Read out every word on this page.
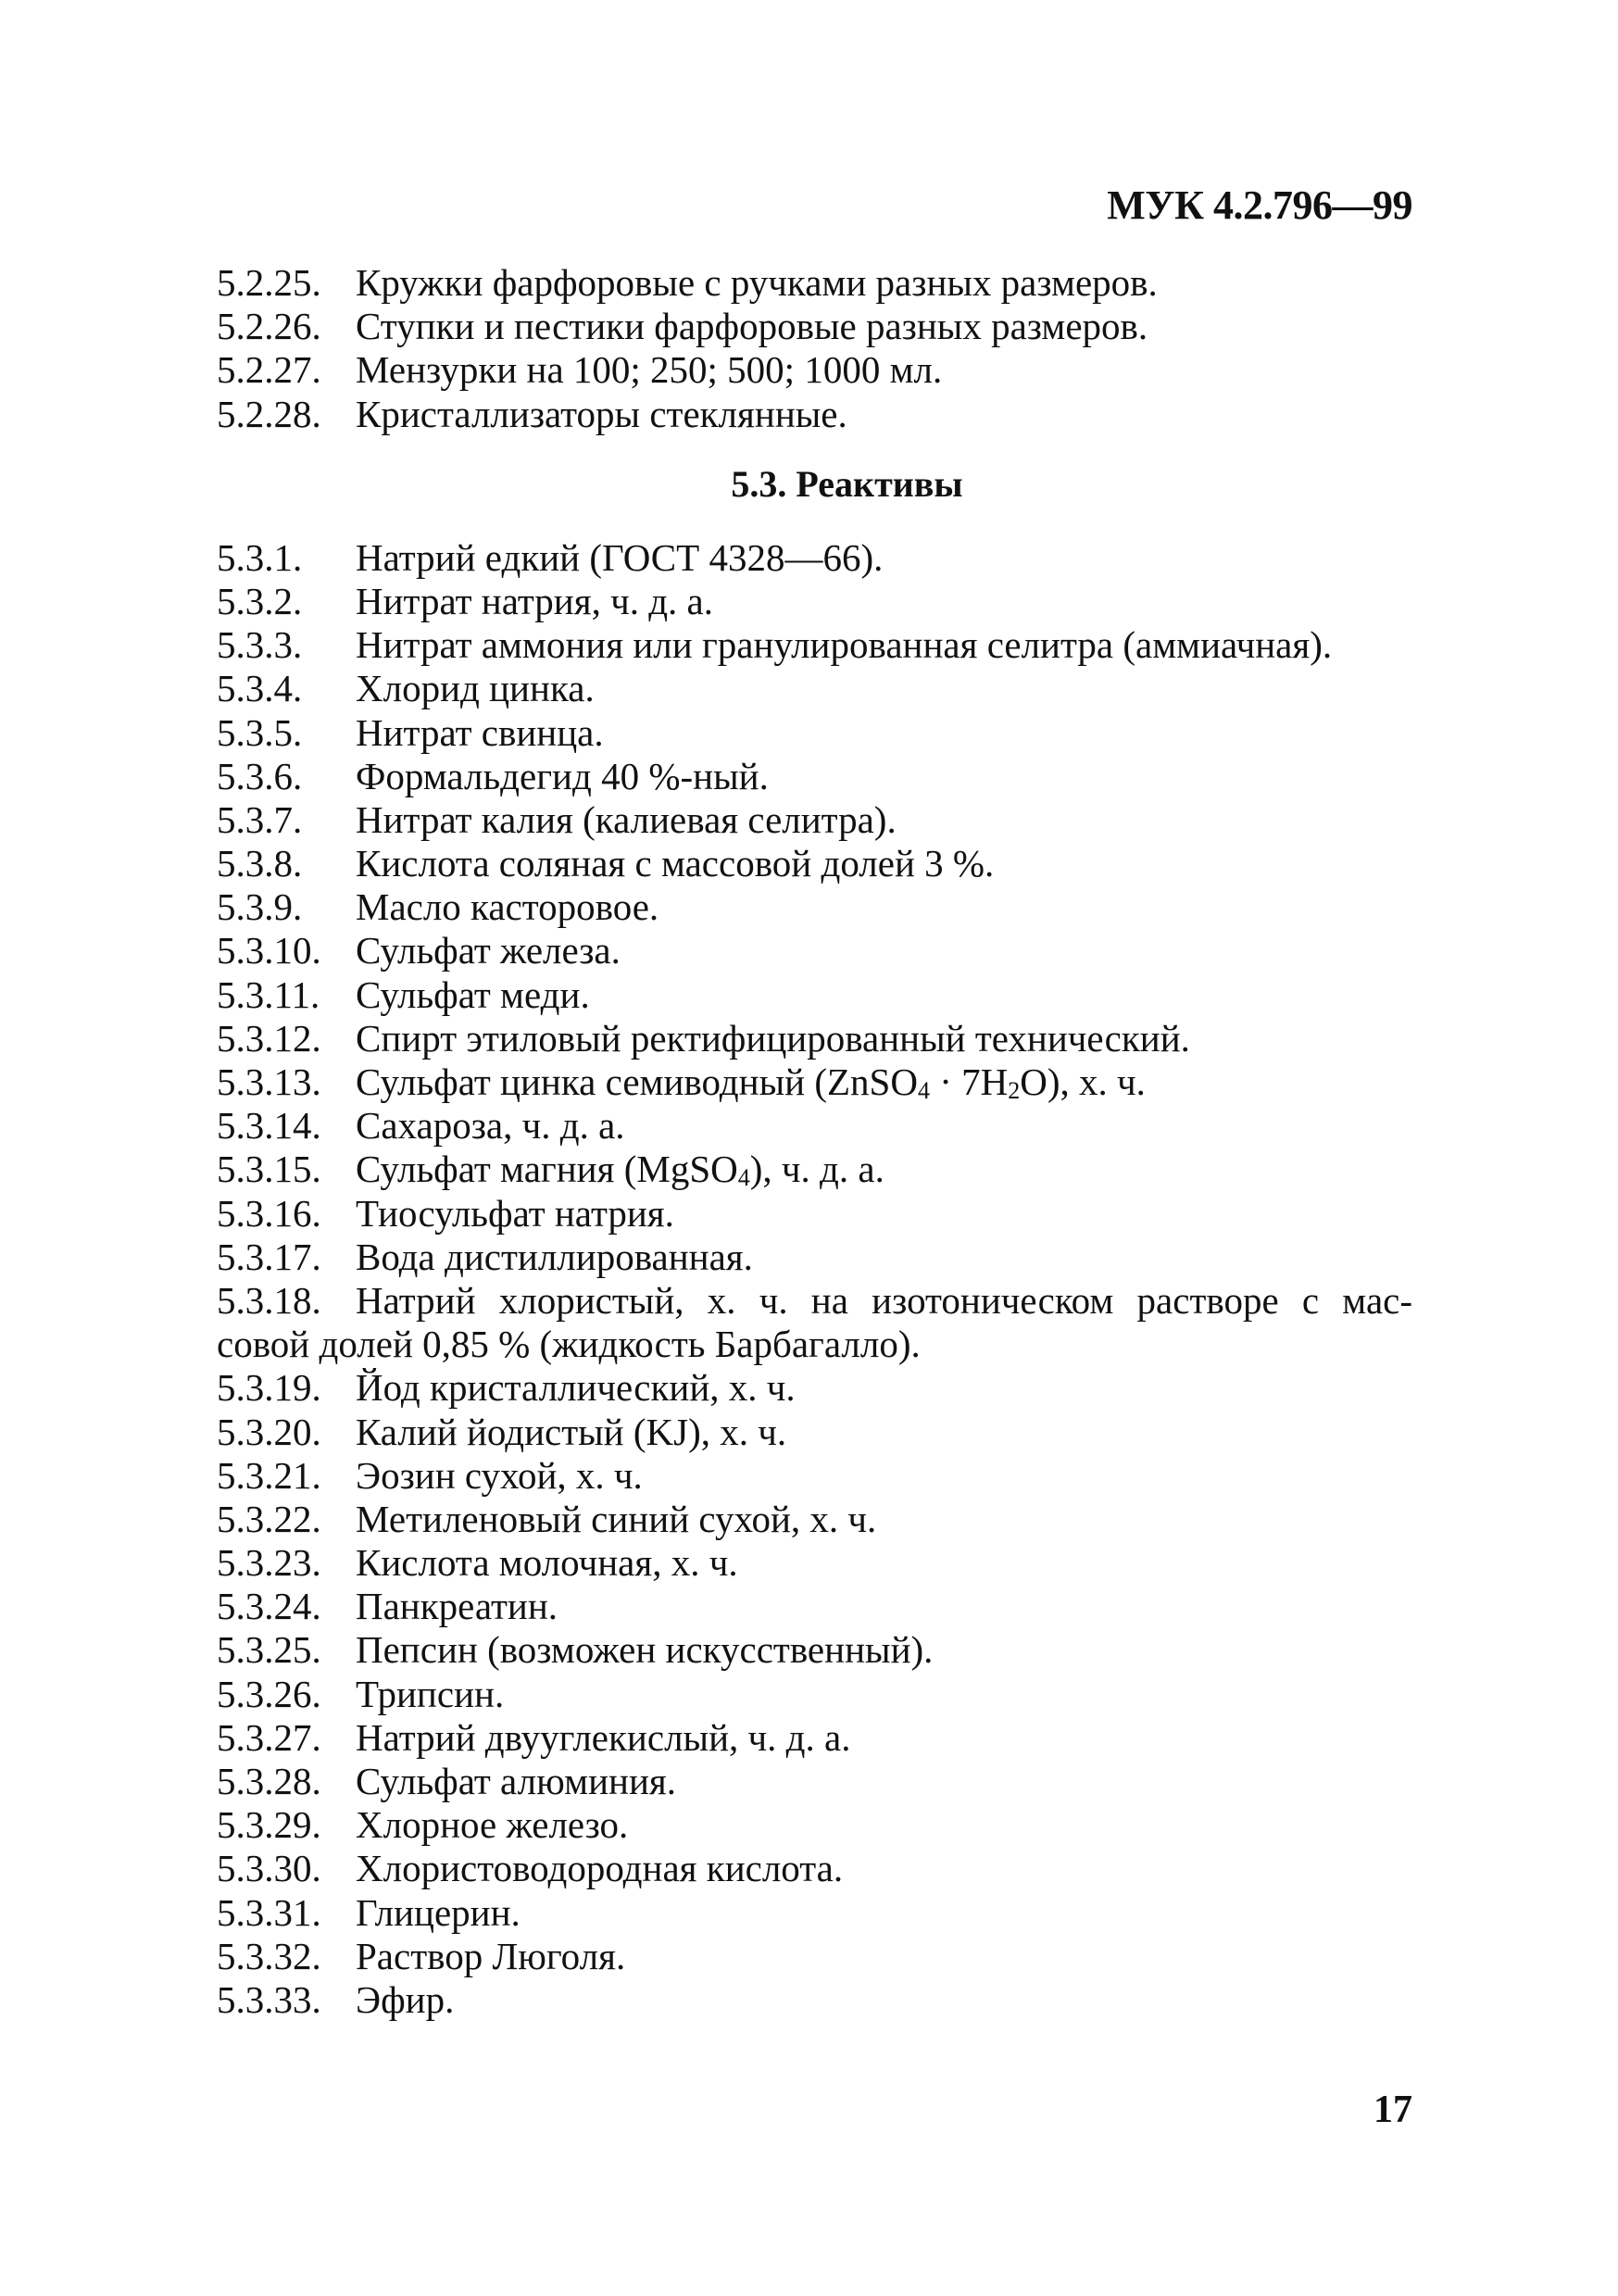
МУК 4.2.796—99
5.2.25. Кружки фарфоровые с ручками разных размеров.
5.2.26. Ступки и пестики фарфоровые разных размеров.
5.2.27. Мензурки на 100; 250; 500; 1000 мл.
5.2.28. Кристаллизаторы стеклянные.
5.3. Реактивы
5.3.1.	Натрий едкий (ГОСТ 4328—66).
5.3.2.	Нитрат натрия, ч. д. а.
5.3.3.	Нитрат аммония или гранулированная селитра (аммиачная).
5.3.4.	Хлорид цинка.
5.3.5.	Нитрат свинца.
5.3.6.	Формальдегид 40 %-ный.
5.3.7.	Нитрат калия (калиевая селитра).
5.3.8.	Кислота соляная с массовой долей 3 %.
5.3.9.	Масло касторовое.
5.3.10. Сульфат железа.
5.3.11. Сульфат меди.
5.3.12. Спирт этиловый ректифицированный технический.
5.3.13. Сульфат цинка семиводный (ZnSO$_4$ · $7H_2O$), х. ч.
5.3.14. Сахароза, ч. д. а.
5.3.15. Сульфат магния (MgSO$_4$), ч. д. а.
5.3.16. Тиосульфат натрия.
5.3.17. Вода дистиллированная.
5.3.18. Натрий хлористый, х. ч. на изотоническом растворе с мас-
совой долей 0,85 % (жидкость Барбагалло).
5.3.19. Йод кристаллический, х. ч.
5.3.20. Калий йодистый (KJ), х. ч.
5.3.21. Эозин сухой, х. ч.
5.3.22. Метиленовый синий сухой, х. ч.
5.3.23. Кислота молочная, х. ч.
5.3.24. Панкреатин.
5.3.25. Пепсин (возможен искусственный).
5.3.26. Трипсин.
5.3.27. Натрий двууглекислый, ч. д. а.
5.3.28. Сульфат алюминия.
5.3.29. Хлорное железо.
5.3.30. Хлористоводородная кислота.
5.3.31. Глицерин.
5.3.32. Раствор Люголя.
5.3.33. Эфир.
17
